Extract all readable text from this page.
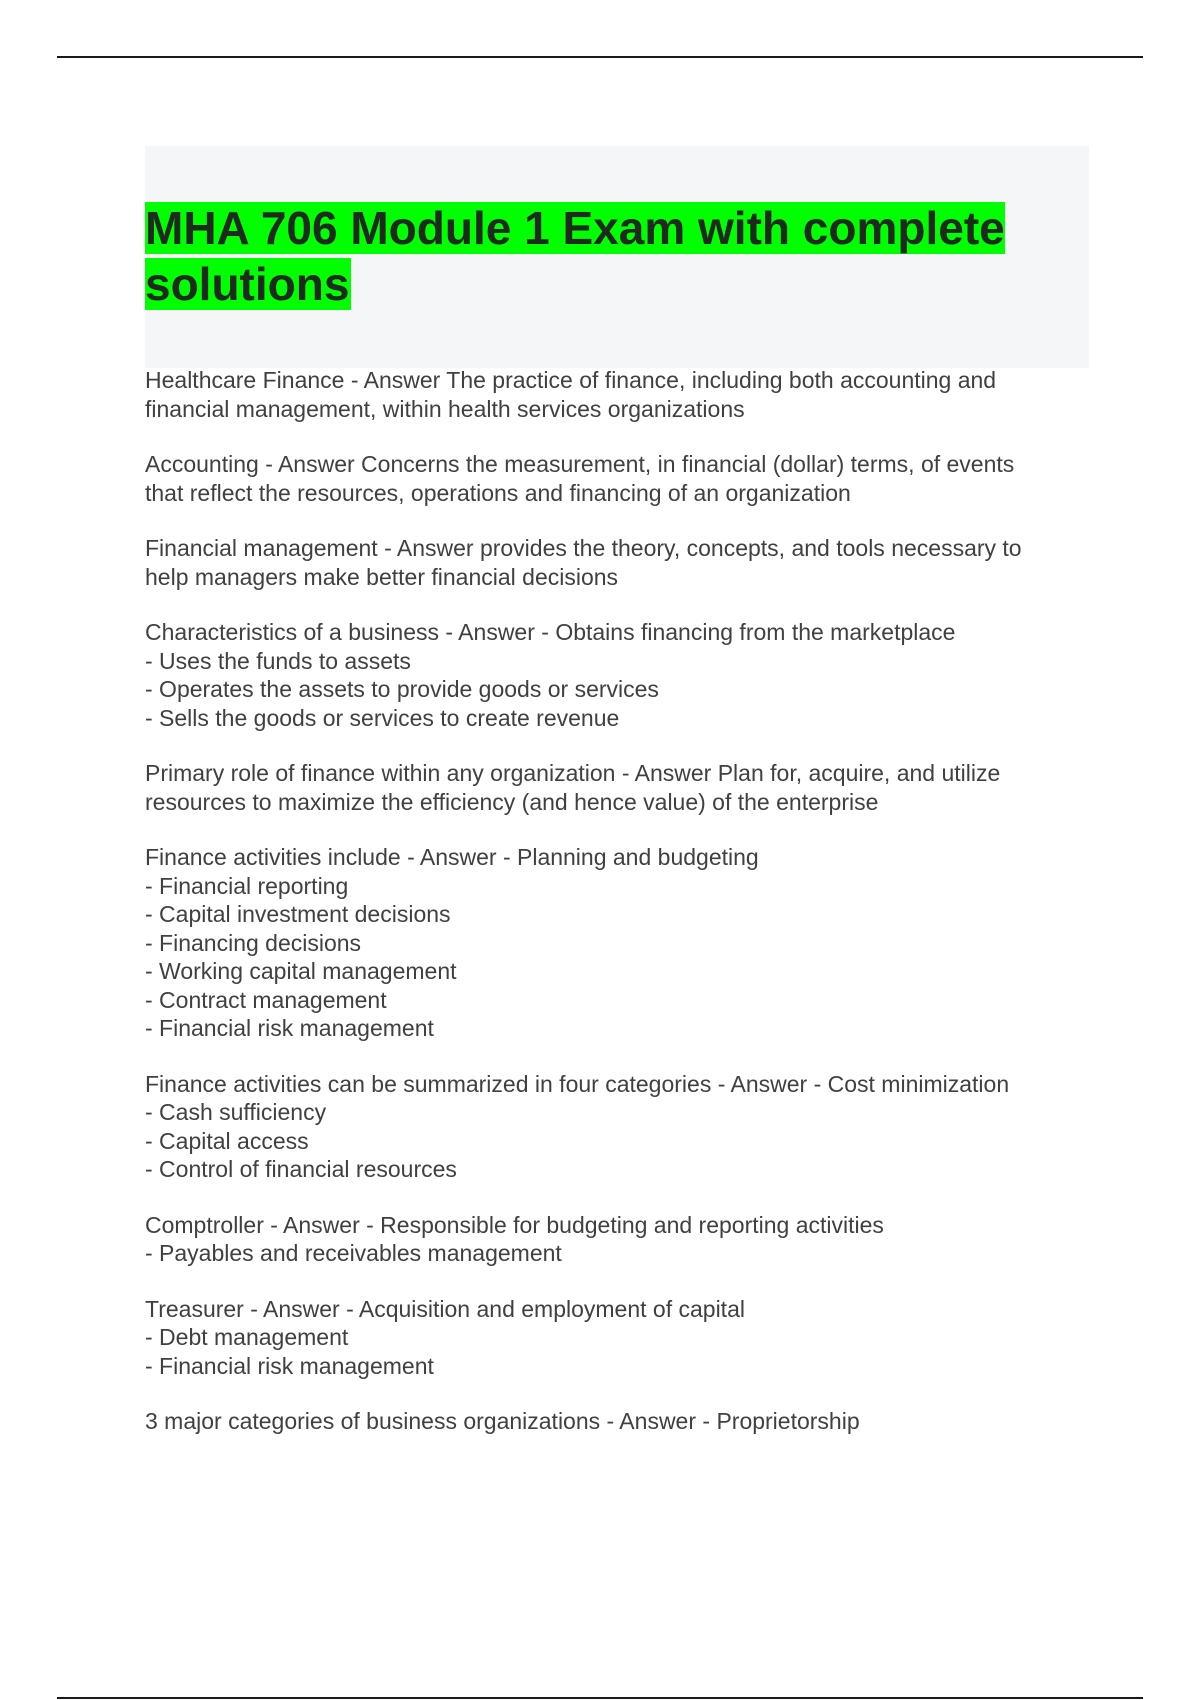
MHA 706 Module 1 Exam with complete solutions
Healthcare Finance - Answer The practice of finance, including both accounting and
financial management, within health services organizations
Accounting - Answer Concerns the measurement, in financial (dollar) terms, of events
that reflect the resources, operations and financing of an organization
Financial management - Answer provides the theory, concepts, and tools necessary to
help managers make better financial decisions
Characteristics of a business - Answer - Obtains financing from the marketplace
- Uses the funds to assets
- Operates the assets to provide goods or services
- Sells the goods or services to create revenue
Primary role of finance within any organization - Answer Plan for, acquire, and utilize
resources to maximize the efficiency (and hence value) of the enterprise
Finance activities include - Answer - Planning and budgeting
- Financial reporting
- Capital investment decisions
- Financing decisions
- Working capital management
- Contract management
- Financial risk management
Finance activities can be summarized in four categories - Answer - Cost minimization
- Cash sufficiency
- Capital access
- Control of financial resources
Comptroller - Answer - Responsible for budgeting and reporting activities
- Payables and receivables management
Treasurer - Answer - Acquisition and employment of capital
- Debt management
- Financial risk management
3 major categories of business organizations - Answer - Proprietorship
